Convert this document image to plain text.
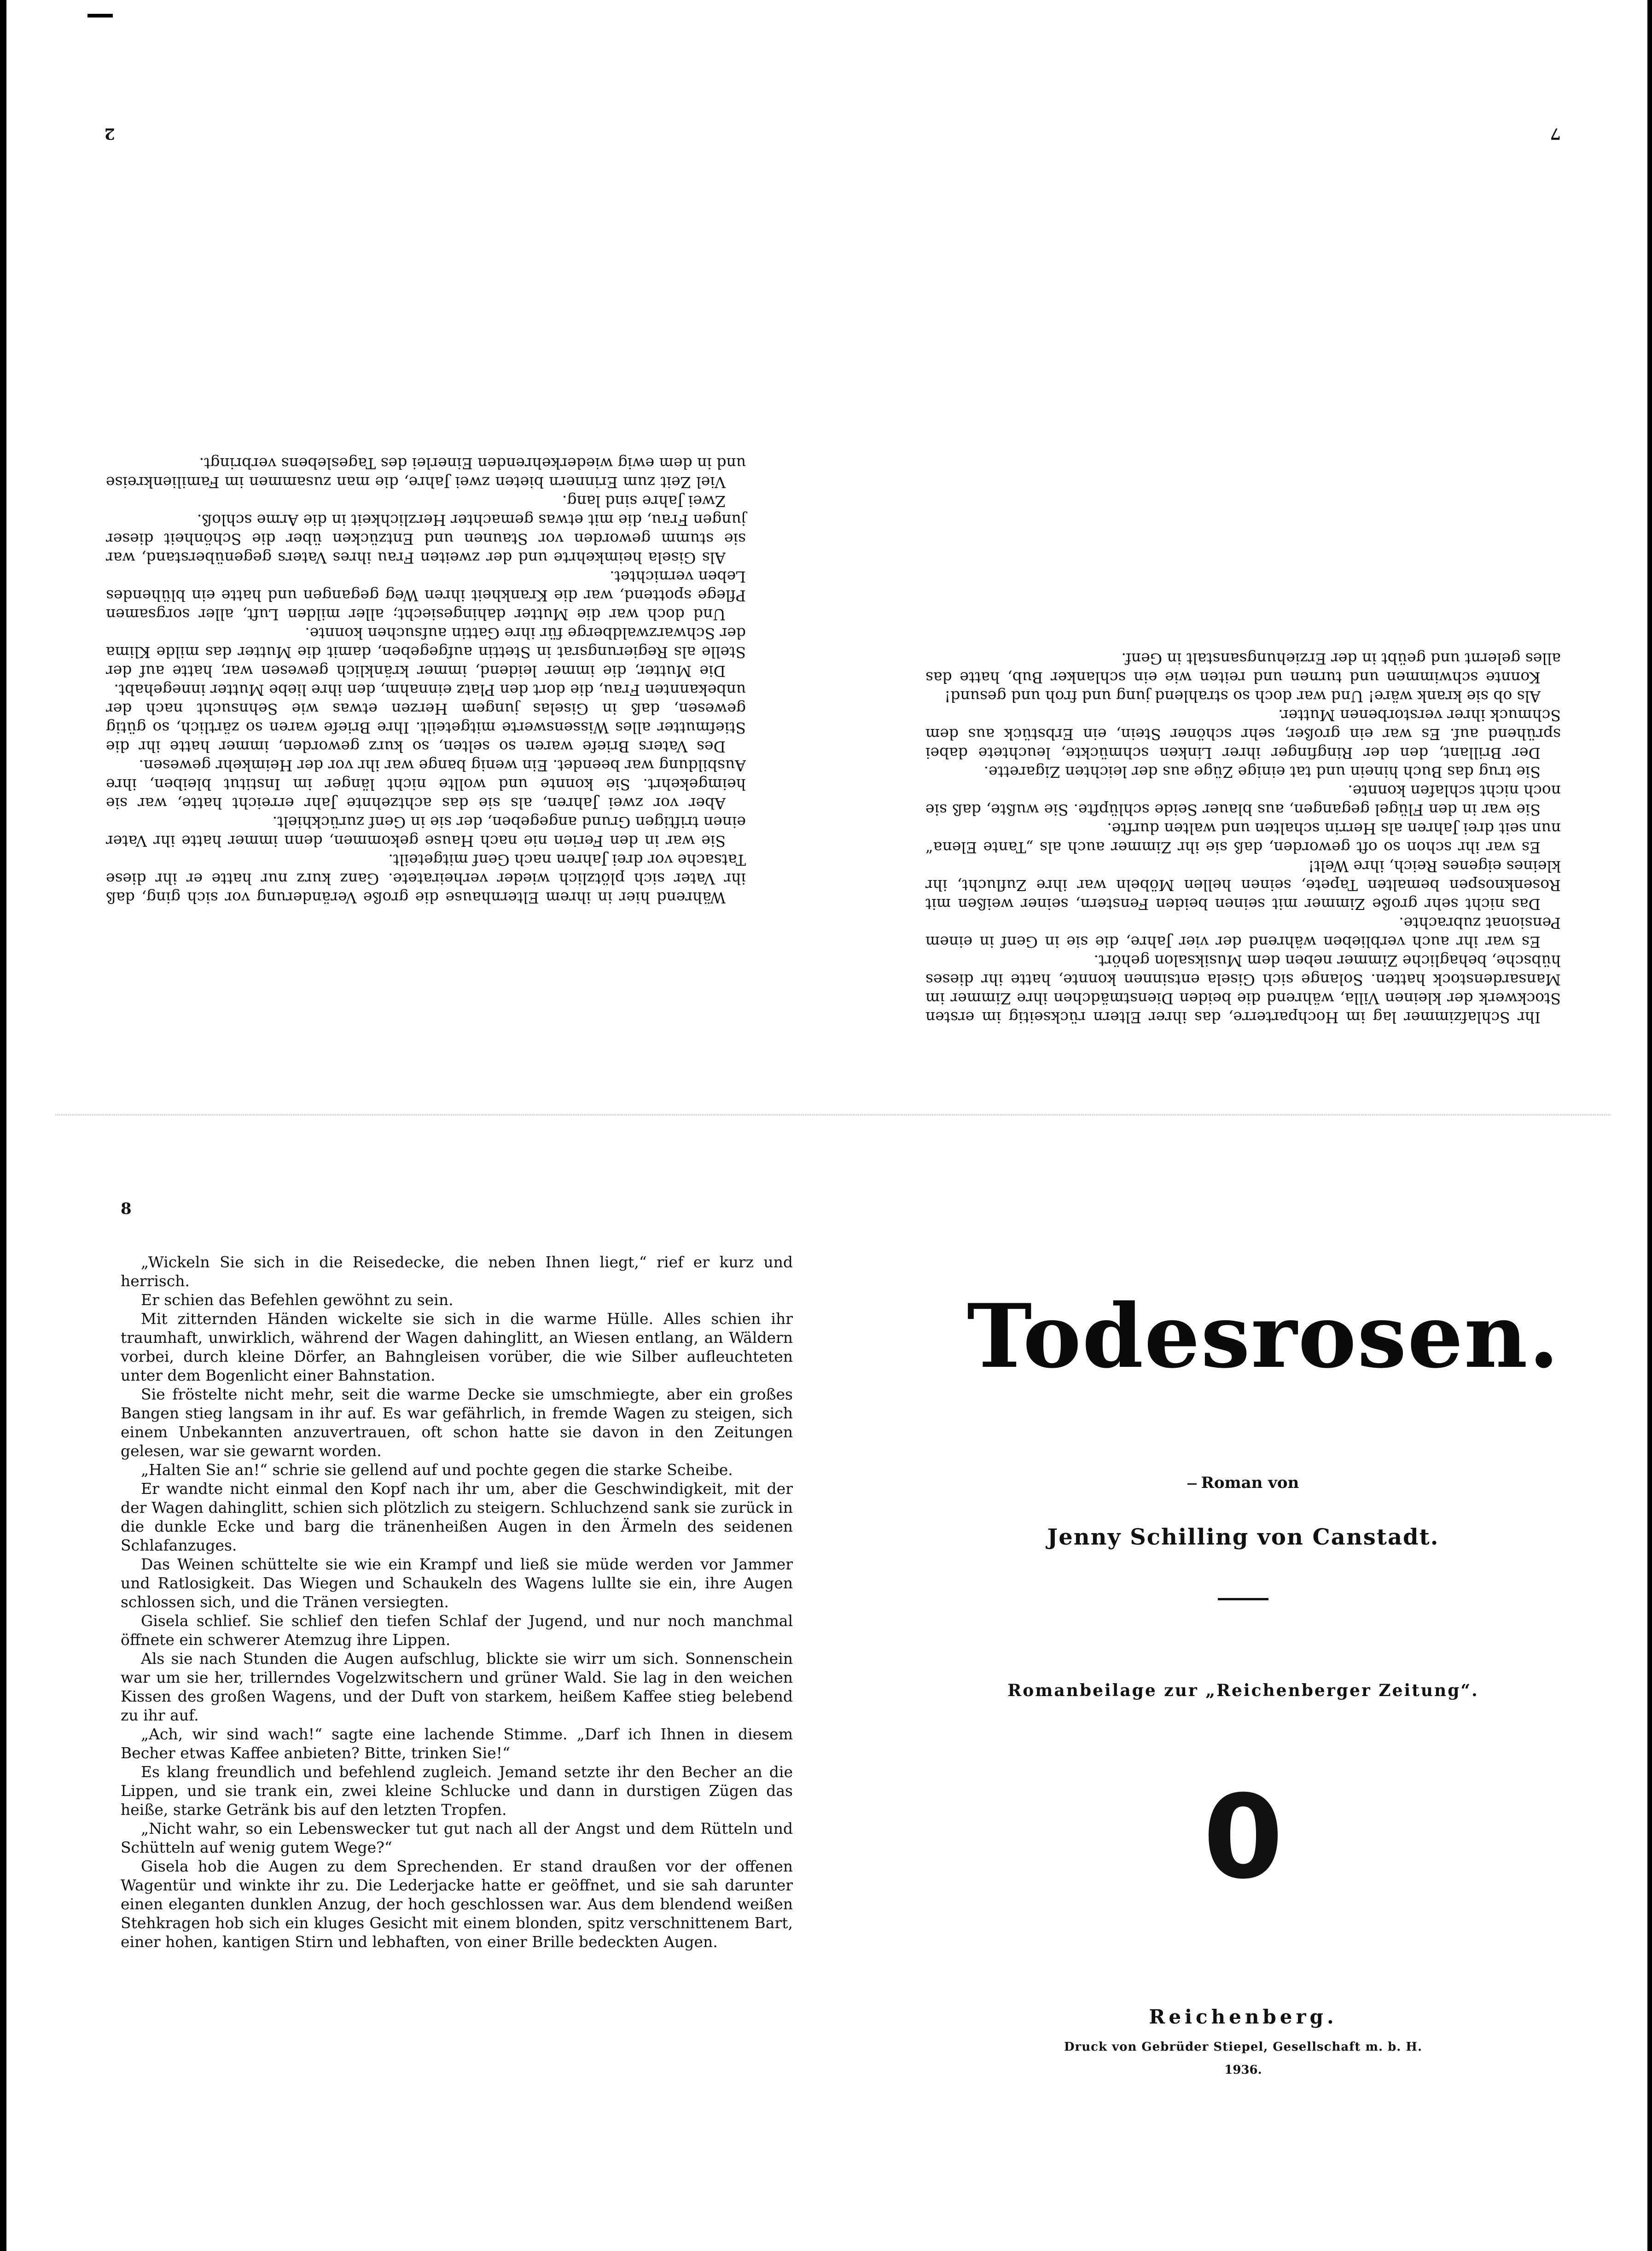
2

Während hier in ihrem Elternhause die große Veränderung vor sich ging, daß ihr Vater sich plötzlich wieder verheiratete. Ganz kurz nur hatte er ihr diese Tatsache vor drei Jahren nach Genf mitgeteilt.

Sie war in den Ferien nie nach Hause gekommen, denn immer hatte ihr Vater einen triftigen Grund angegeben, der sie in Genf zurückhielt.

Aber vor zwei Jahren, als sie das achtzehnte Jahr erreicht hatte, war sie heimgekehrt. Sie konnte und wollte nicht länger im Institut bleiben, ihre Ausbildung war beendet. Ein wenig bange war ihr vor der Heimkehr gewesen.

Des Vaters Briefe waren so selten, so kurz geworden, immer hatte ihr die Stiefmutter alles Wissenswerte mitgeteilt. Ihre Briefe waren so zärtlich, so gütig gewesen, daß in Giselas jungem Herzen etwas wie Sehnsucht nach der unbekannten Frau, die dort den Platz einnahm, den ihre liebe Mutter innegehabt.

Die Mutter, die immer leidend, immer kränklich gewesen war, hatte auf der Stelle als Regierungsrat in Stettin aufgegeben, damit die Mutter das milde Klima der Schwarzwaldberge für ihre Gattin aufsuchen konnte.

Und doch war die Mutter dahingesiecht; aller milden Luft, aller sorgsamen Pflege spottend, war die Krankheit ihren Weg gegangen und hatte ein blühendes Leben vernichtet.

Als Gisela heimkehrte und der zweiten Frau ihres Vaters gegenüberstand, war sie stumm geworden vor Staunen und Entzücken über die Schönheit dieser jungen Frau, die mit etwas gemachter Herzlichkeit in die Arme schloß.

Zwei Jahre sind lang.

Viel Zeit zum Erinnern bieten zwei Jahre, die man zusammen im Familienkreise und in dem ewig wiederkehrenden Einerlei des Tageslebens verbringt.

7

Ihr Schlafzimmer lag im Hochparterre, das ihrer Eltern rückseitig im ersten Stockwerk der kleinen Villa, während die beiden Dienstmädchen ihre Zimmer im Mansardenstock hatten. Solange sich Gisela entsinnen konnte, hatte ihr dieses hübsche, behagliche Zimmer neben dem Musiksalon gehört.

Es war ihr auch verblieben während der vier Jahre, die sie in Genf in einem Pensionat zubrachte.

Das nicht sehr große Zimmer mit seinen beiden Fenstern, seiner weißen mit Rosenknospen bemalten Tapete, seinen hellen Möbeln war ihre Zuflucht, ihr kleines eigenes Reich, ihre Welt!

Es war ihr schon so oft geworden, daß sie ihr Zimmer auch als „Tante Elena“ nun seit drei Jahren als Herrin schalten und walten durfte.

Sie war in den Flügel gegangen, aus blauer Seide schlüpfte. Sie wußte, daß sie noch nicht schlafen konnte.

Sie trug das Buch hinein und tat einige Züge aus der leichten Zigarette.

Der Brillant, den der Ringfinger ihrer Linken schmückte, leuchtete dabei sprühend auf. Es war ein großer, sehr schöner Stein, ein Erbstück aus dem Schmuck ihrer verstorbenen Mutter.

Als ob sie krank wäre! Und war doch so strahlend jung und froh und gesund!

Konnte schwimmen und turnen und reiten wie ein schlanker Bub, hatte das alles gelernt und geübt in der Erziehungsanstalt in Genf.

8

„Wickeln Sie sich in die Reisedecke, die neben Ihnen liegt,“ rief er kurz und herrisch.

Er schien das Befehlen gewöhnt zu sein.

Mit zitternden Händen wickelte sie sich in die warme Hülle. Alles schien ihr traumhaft, unwirklich, während der Wagen dahinglitt, an Wiesen entlang, an Wäldern vorbei, durch kleine Dörfer, an Bahngleisen vorüber, die wie Silber aufleuchteten unter dem Bogenlicht einer Bahnstation.

Sie fröstelte nicht mehr, seit die warme Decke sie umschmiegte, aber ein großes Bangen stieg langsam in ihr auf. Es war gefährlich, in fremde Wagen zu steigen, sich einem Unbekannten anzuvertrauen, oft schon hatte sie davon in den Zeitungen gelesen, war sie gewarnt worden.

„Halten Sie an!“ schrie sie gellend auf und pochte gegen die starke Scheibe.

Er wandte nicht einmal den Kopf nach ihr um, aber die Geschwindigkeit, mit der der Wagen dahinglitt, schien sich plötzlich zu steigern. Schluchzend sank sie zurück in die dunkle Ecke und barg die tränenheißen Augen in den Ärmeln des seidenen Schlafanzuges.

Das Weinen schüttelte sie wie ein Krampf und ließ sie müde werden vor Jammer und Ratlosigkeit. Das Wiegen und Schaukeln des Wagens lullte sie ein, ihre Augen schlossen sich, und die Tränen versiegten.

Gisela schlief. Sie schlief den tiefen Schlaf der Jugend, und nur noch manchmal öffnete ein schwerer Atemzug ihre Lippen.

Als sie nach Stunden die Augen aufschlug, blickte sie wirr um sich. Sonnenschein war um sie her, trillerndes Vogelzwitschern und grüner Wald. Sie lag in den weichen Kissen des großen Wagens, und der Duft von starkem, heißem Kaffee stieg belebend zu ihr auf.

„Ach, wir sind wach!“ sagte eine lachende Stimme. „Darf ich Ihnen in diesem Becher etwas Kaffee anbieten? Bitte, trinken Sie!“

Es klang freundlich und befehlend zugleich. Jemand setzte ihr den Becher an die Lippen, und sie trank ein, zwei kleine Schlucke und dann in durstigen Zügen das heiße, starke Getränk bis auf den letzten Tropfen.

„Nicht wahr, so ein Lebenswecker tut gut nach all der Angst und dem Rütteln und Schütteln auf wenig gutem Wege?“

Gisela hob die Augen zu dem Sprechenden. Er stand draußen vor der offenen Wagentür und winkte ihr zu. Die Lederjacke hatte er geöffnet, und sie sah darunter einen eleganten dunklen Anzug, der hoch geschlossen war. Aus dem blendend weißen Stehkragen hob sich ein kluges Gesicht mit einem blonden, spitz verschnittenem Bart, einer hohen, kantigen Stirn und lebhaften, von einer Brille bedeckten Augen.

Todesrosen.
Roman von
Jenny Schilling von Canstadt.
Romanbeilage zur „Reichenberger Zeitung“.
0
Reichenberg.
Druck von Gebrüder Stiepel, Gesellschaft m. b. H.
1936.
